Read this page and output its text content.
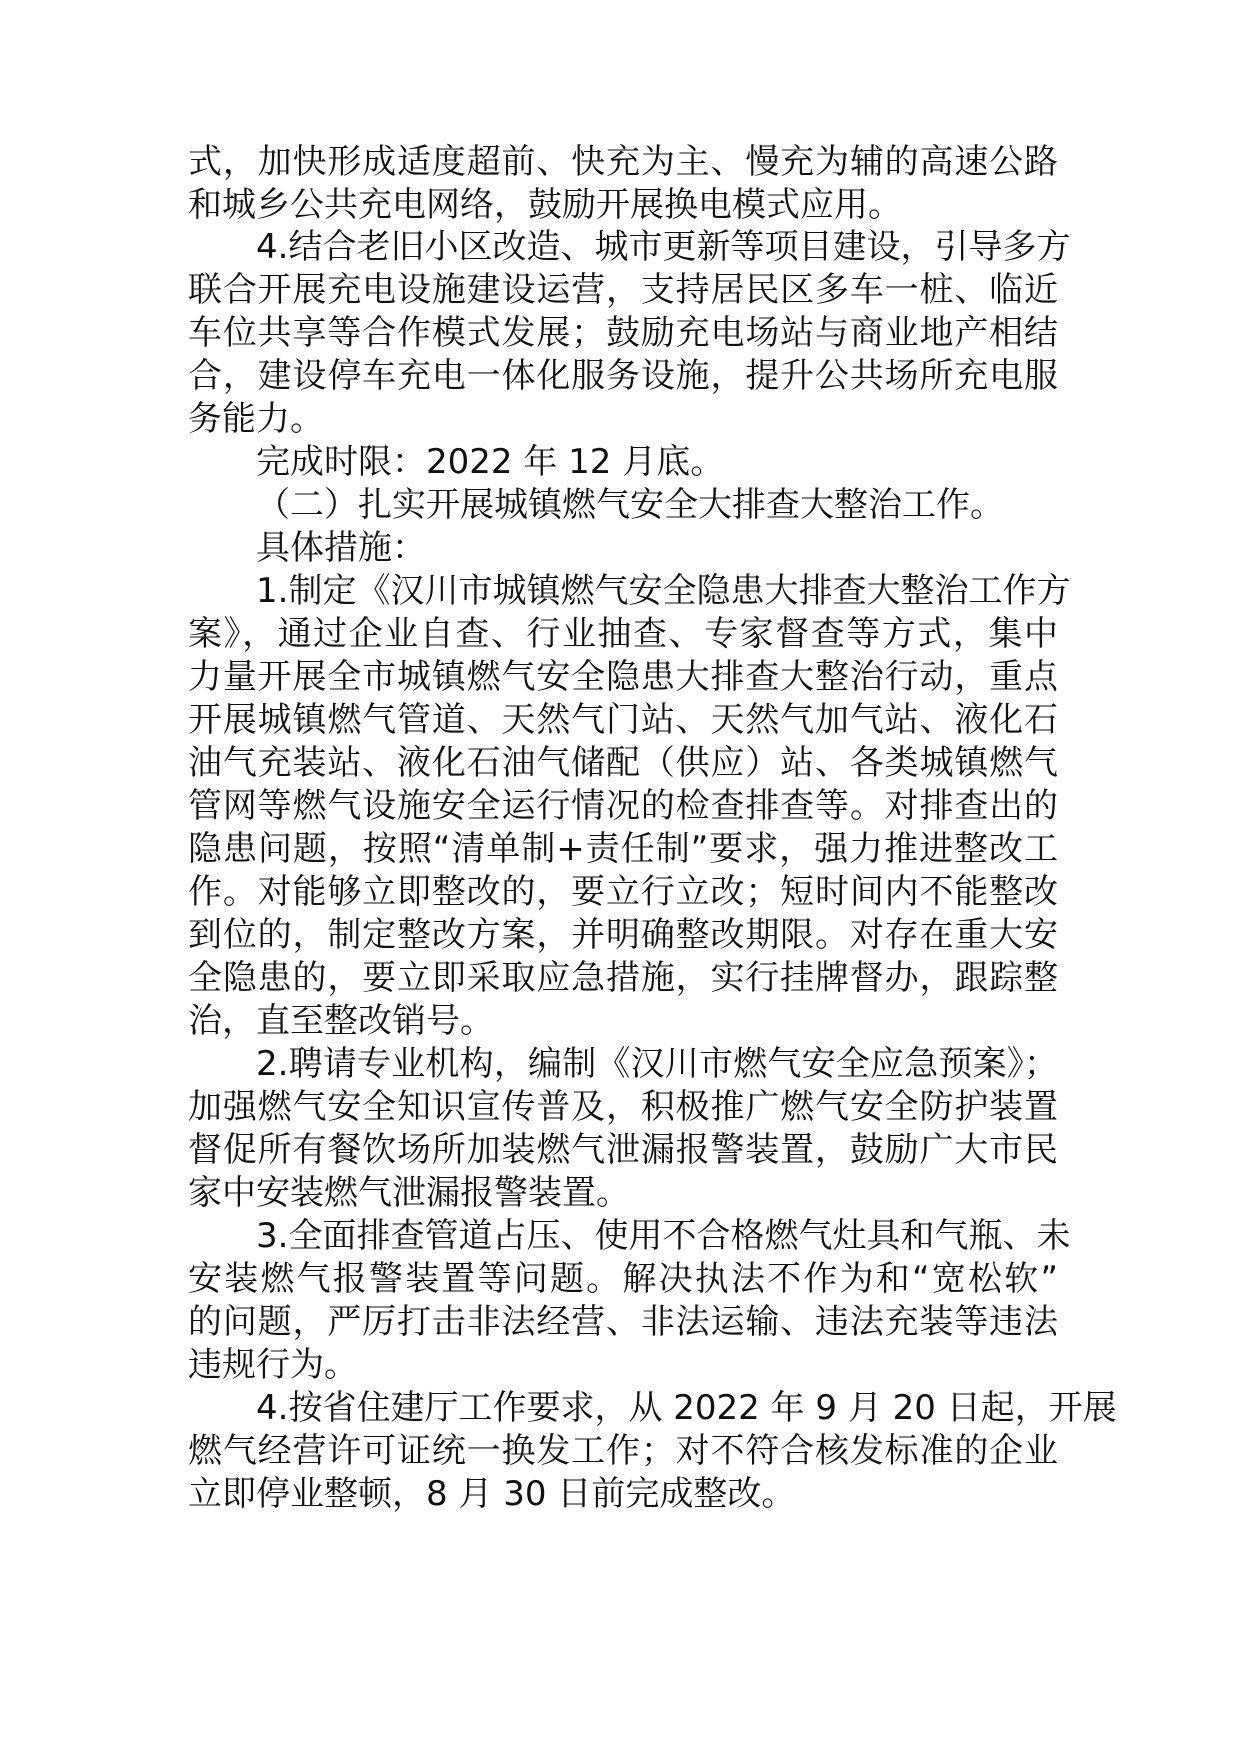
式，加快形成适度超前、快充为主、慢充为辅的高速公路
和城乡公共充电网络，鼓励开展换电模式应用。
4.结合老旧小区改造、城市更新等项目建设，引导多方
联合开展充电设施建设运营，支持居民区多车一桩、临近
车位共享等合作模式发展；鼓励充电场站与商业地产相结
合，建设停车充电一体化服务设施，提升公共场所充电服
务能力。
完成时限：2022 年 12 月底。
（二）扎实开展城镇燃气安全大排查大整治工作。
具体措施：
1.制定《汉川市城镇燃气安全隐患大排查大整治工作方
案》，通过企业自查、行业抽查、专家督查等方式，集中
力量开展全市城镇燃气安全隐患大排查大整治行动，重点
开展城镇燃气管道、天然气门站、天然气加气站、液化石
油气充装站、液化石油气储配（供应）站、各类城镇燃气
管网等燃气设施安全运行情况的检查排查等。对排查出的
隐患问题，按照“清单制+责任制”要求，强力推进整改工
作。对能够立即整改的，要立行立改；短时间内不能整改
到位的，制定整改方案，并明确整改期限。对存在重大安
全隐患的，要立即采取应急措施，实行挂牌督办，跟踪整
治，直至整改销号。
2.聘请专业机构，编制《汉川市燃气安全应急预案》；
加强燃气安全知识宣传普及，积极推广燃气安全防护装置
督促所有餐饮场所加装燃气泄漏报警装置，鼓励广大市民
家中安装燃气泄漏报警装置。
3.全面排查管道占压、使用不合格燃气灶具和气瓶、未
安装燃气报警装置等问题。解决执法不作为和“宽松软”
的问题，严厉打击非法经营、非法运输、违法充装等违法
违规行为。
4.按省住建厅工作要求，从 2022 年 9 月 20 日起，开展
燃气经营许可证统一换发工作；对不符合核发标准的企业
立即停业整顿，8 月 30 日前完成整改。
